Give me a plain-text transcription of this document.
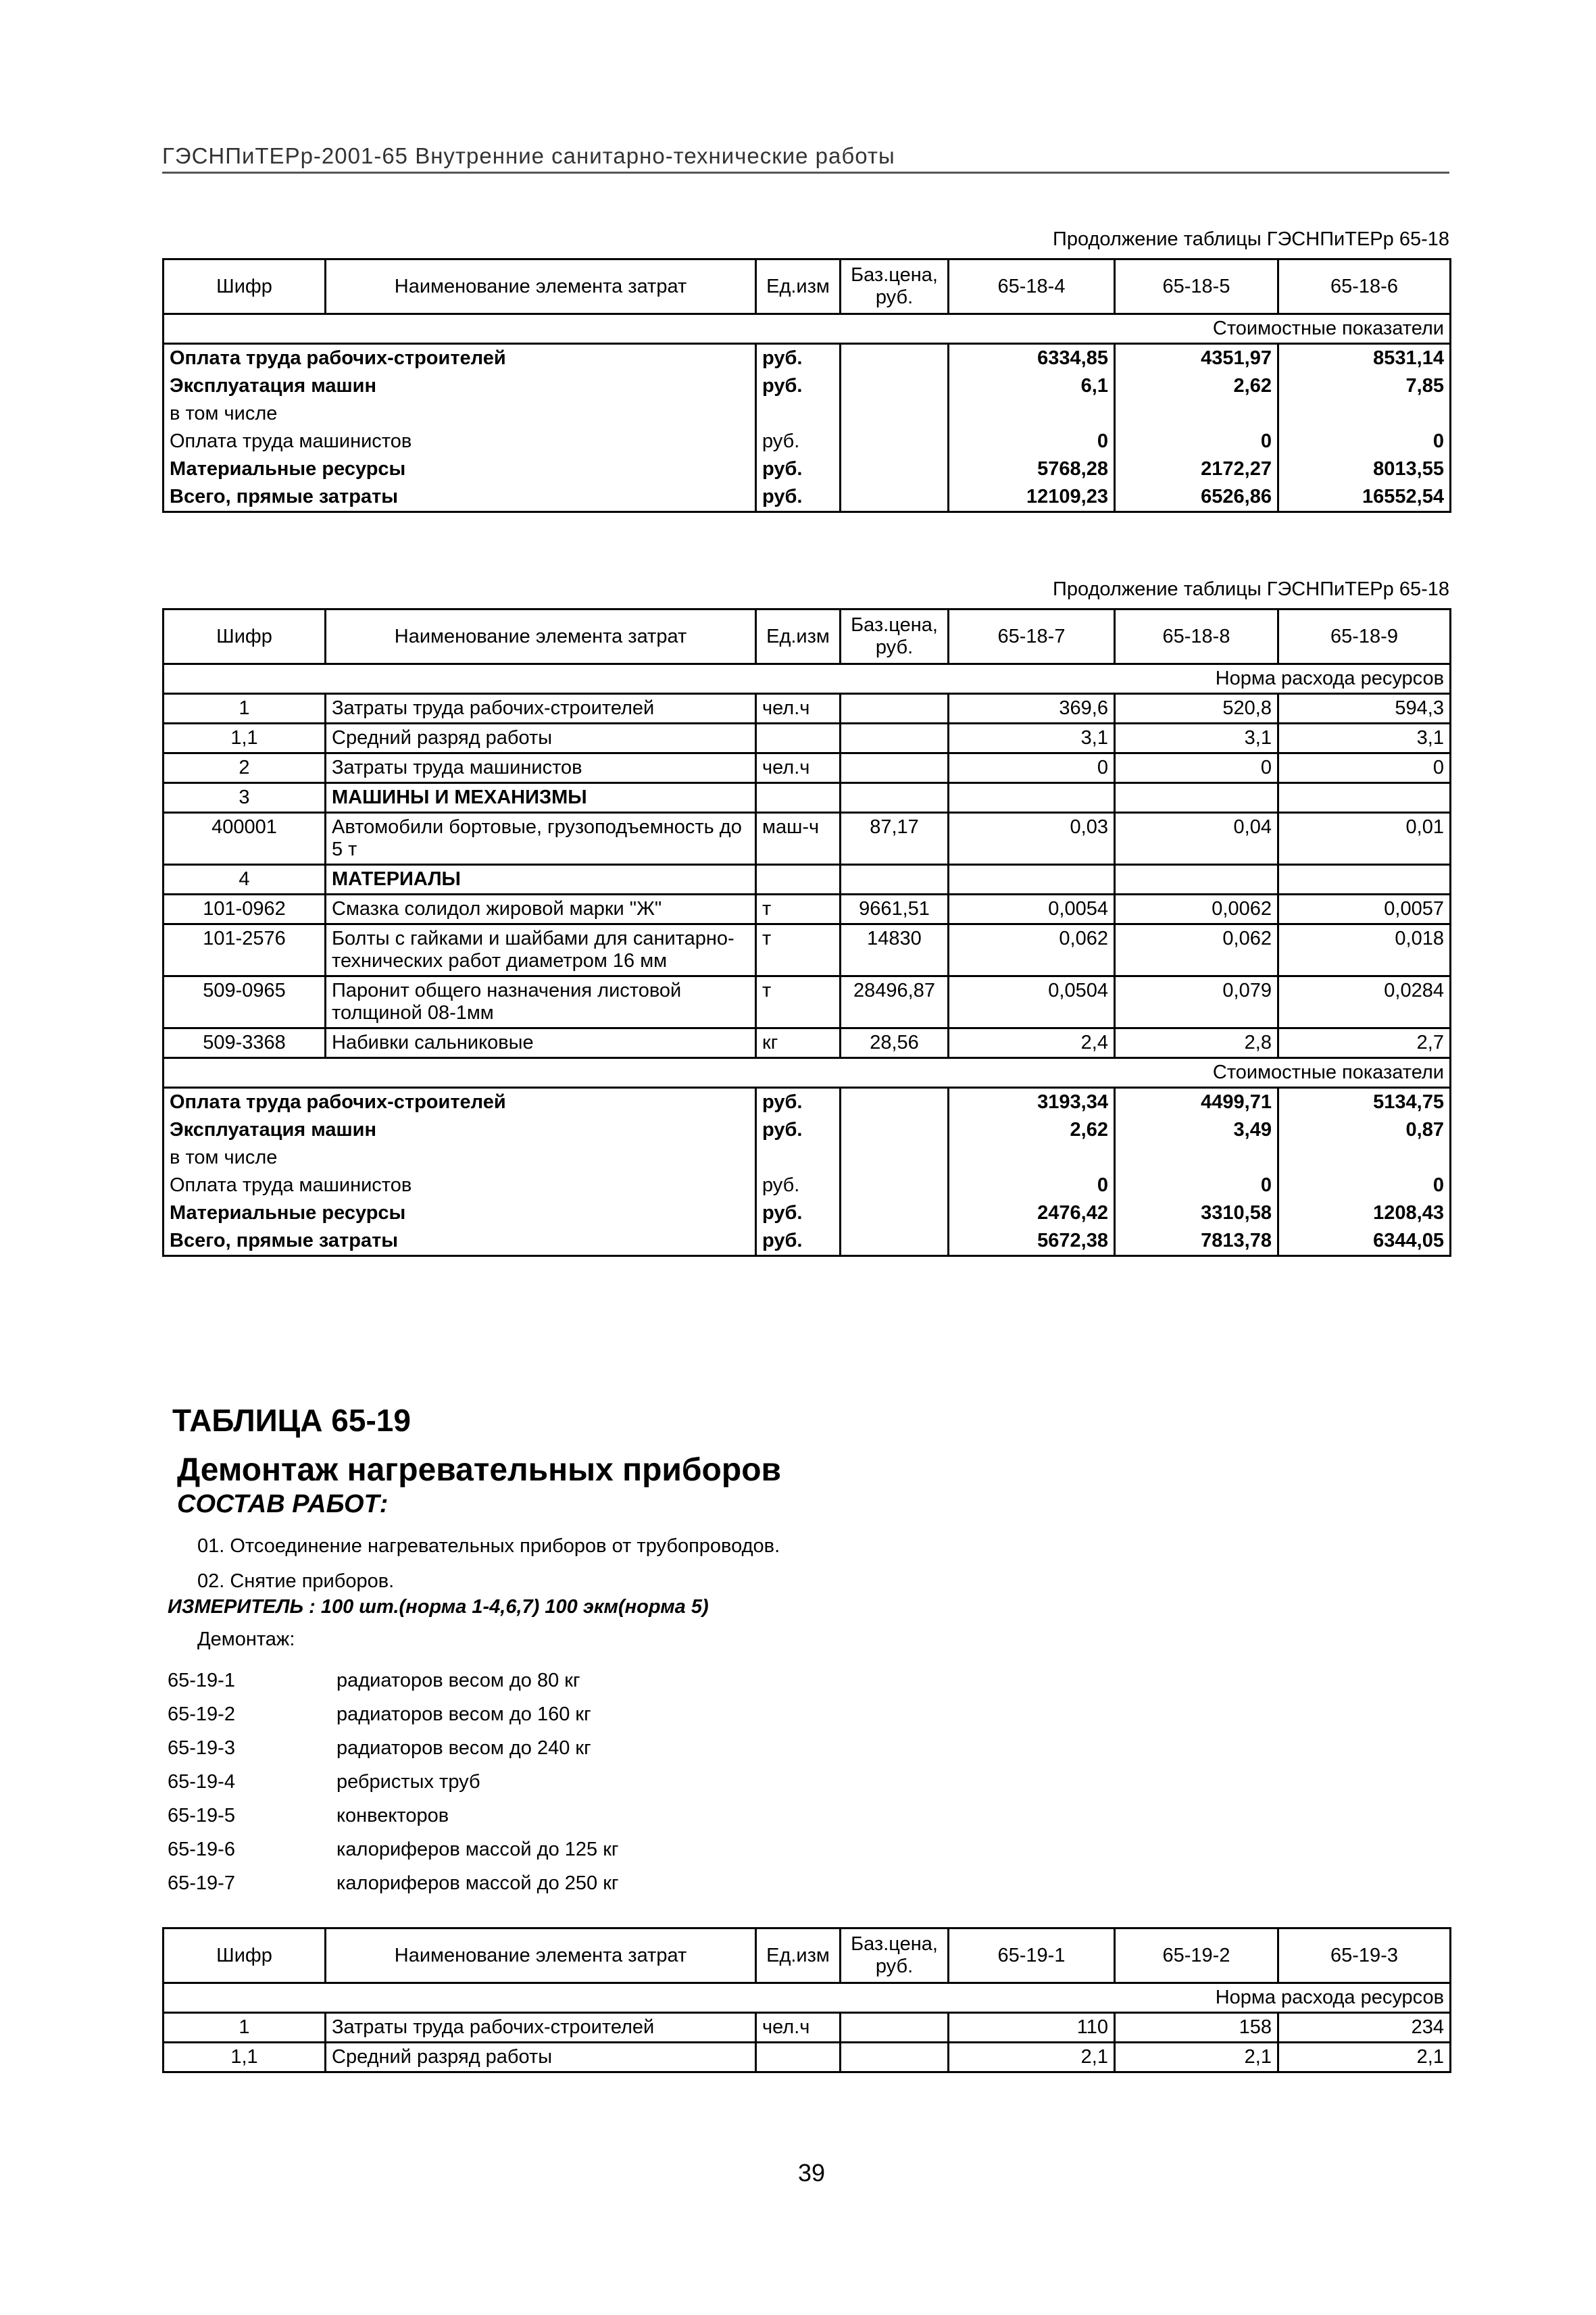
ГЭСНПиТЕРр-2001-65 Внутренние санитарно-технические работы
Продолжение таблицы ГЭСНПиТЕРр 65-18
Шифр	Наименование элемента затрат	Ед.изм	Баз.цена, руб.	65-18-4	65-18-5	65-18-6
Стоимостные показатели						
Оплата труда рабочих-строителей		руб.		6334,85	4351,97	8531,14
Эксплуатация машин		руб.		6,1	2,62	7,85
в том числе						
Оплата труда машинистов		руб.		0	0	0
Материальные ресурсы		руб.		5768,28	2172,27	8013,55
Всего, прямые затраты		руб.		12109,23	6526,86	16552,54
Продолжение таблицы ГЭСНПиТЕРр 65-18
Шифр	Наименование элемента затрат	Ед.изм	Баз.цена, руб.	65-18-7	65-18-8	65-18-9
Норма расхода ресурсов						
1	Затраты труда рабочих-строителей	чел.ч		369,6	520,8	594,3
1,1	Средний разряд работы			3,1	3,1	3,1
2	Затраты труда машинистов	чел.ч		0	0	0
3	МАШИНЫ И МЕХАНИЗМЫ					
400001	Автомобили бортовые, грузоподъемность до 5 т	маш-ч	87,17	0,03	0,04	0,01
4	МАТЕРИАЛЫ					
101-0962	Смазка солидол жировой марки "Ж"	т	9661,51	0,0054	0,0062	0,0057
101-2576	Болты с гайками и шайбами для санитарно-технических работ диаметром 16 мм	т	14830	0,062	0,062	0,018
509-0965	Паронит общего назначения листовой толщиной 08-1мм	т	28496,87	0,0504	0,079	0,0284
509-3368	Набивки сальниковые	кг	28,56	2,4	2,8	2,7
Стоимостные показатели						
Оплата труда рабочих-строителей		руб.		3193,34	4499,71	5134,75
Эксплуатация машин		руб.		2,62	3,49	0,87
в том числе						
Оплата труда машинистов		руб.		0	0	0
Материальные ресурсы		руб.		2476,42	3310,58	1208,43
Всего, прямые затраты		руб.		5672,38	7813,78	6344,05
ТАБЛИЦА 65-19
Демонтаж нагревательных приборов
СОСТАВ РАБОТ:
01. Отсоединение нагревательных приборов от трубопроводов.
02. Снятие приборов.
ИЗМЕРИТЕЛЬ : 100 шт.(норма 1-4,6,7) 100 экм(норма 5)
Демонтаж:
65-19-1	радиаторов весом до 80 кг
65-19-2	радиаторов весом до 160 кг
65-19-3	радиаторов весом до 240 кг
65-19-4	ребристых труб
65-19-5	конвекторов
65-19-6	калориферов массой до 125 кг
65-19-7	калориферов массой до 250 кг
Шифр	Наименование элемента затрат	Ед.изм	Баз.цена, руб.	65-19-1	65-19-2	65-19-3
Норма расхода ресурсов						
1	Затраты труда рабочих-строителей	чел.ч		110	158	234
1,1	Средний разряд работы			2,1	2,1	2,1
39
